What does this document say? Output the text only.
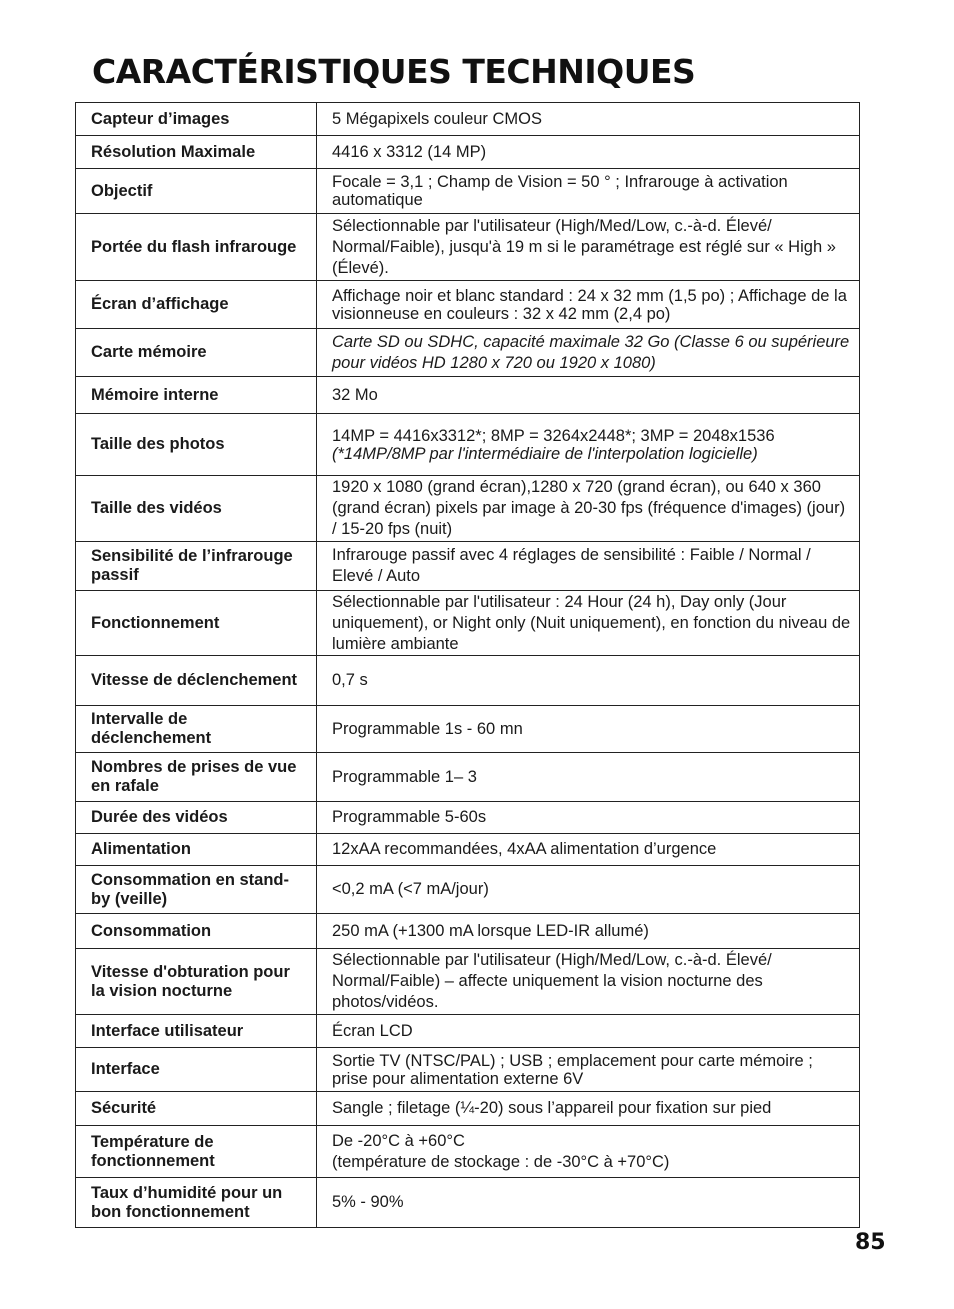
CARACTÉRISTIQUES TECHNIQUES
Capteur d’images	5 Mégapixels couleur CMOS
Résolution Maximale	4416 x 3312 (14 MP)
Objectif	Focale = 3,1 ; Champ de Vision = 50 ° ; Infrarouge à activation automatique
Portée du flash infrarouge	Sélectionnable par l'utilisateur (High/Med/Low, c.-à-d. Élevé/ Normal/Faible), jusqu'à 19 m si le paramétrage est réglé sur « High » (Élevé).
Écran d’affichage	Affichage noir et blanc standard : 24 x 32 mm (1,5 po) ; Affichage de la visionneuse en couleurs : 32 x 42 mm (2,4 po)
Carte mémoire	Carte SD ou SDHC, capacité maximale 32 Go (Classe 6 ou supérieure pour vidéos HD 1280 x 720 ou 1920 x 1080)
Mémoire interne	32 Mo
Taille des photos	14MP = 4416x3312*; 8MP = 3264x2448*; 3MP = 2048x1536 (*14MP/8MP par l'intermédiaire de l'interpolation logicielle)
Taille des vidéos	1920 x 1080 (grand écran),1280 x 720 (grand écran), ou 640 x 360 (grand écran) pixels par image à 20-30 fps (fréquence d'images) (jour) / 15-20 fps (nuit)
Sensibilité de l’infrarouge passif	Infrarouge passif avec 4 réglages de sensibilité : Faible / Normal / Elevé / Auto
Fonctionnement	Sélectionnable par l'utilisateur : 24 Hour (24 h), Day only (Jour uniquement), or Night only (Nuit uniquement), en fonction du niveau de lumière ambiante
Vitesse de déclenchement	0,7 s
Intervalle de déclenchement	Programmable 1s - 60 mn
Nombres de prises de vue en rafale	Programmable 1– 3
Durée des vidéos	Programmable 5-60s
Alimentation	12xAA recommandées, 4xAA alimentation d’urgence
Consommation en stand-by (veille)	<0,2 mA (<7 mA/jour)
Consommation	250 mA (+1300 mA lorsque LED-IR allumé)
Vitesse d'obturation pour la vision nocturne	Sélectionnable par l'utilisateur (High/Med/Low, c.-à-d. Élevé/ Normal/Faible) – affecte uniquement la vision nocturne des photos/vidéos.
Interface utilisateur	Écran LCD
Interface	Sortie TV (NTSC/PAL) ; USB ; emplacement pour carte mémoire ; prise pour alimentation externe 6V
Sécurité	Sangle ; filetage (¼-20) sous l’appareil pour fixation sur pied
Température de fonctionnement	De -20°C à +60°C
(température de stockage : de -30°C à +70°C)
Taux d’humidité pour un bon fonctionnement	5% - 90%
85
